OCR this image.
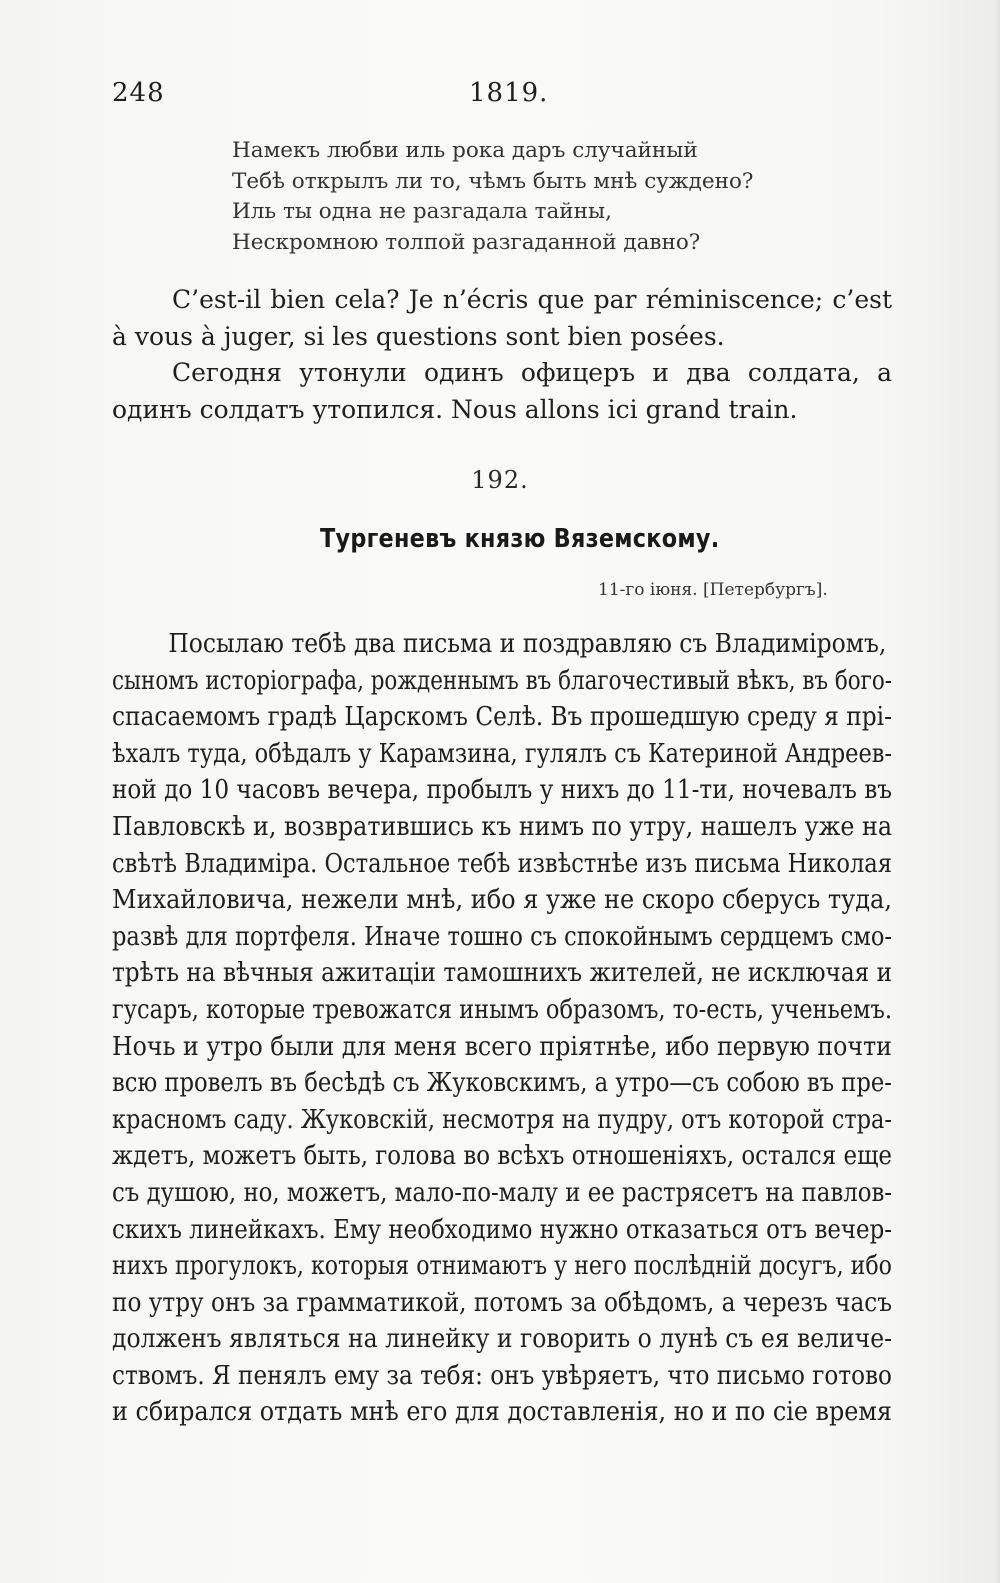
248	1819.
Намекъ любви иль рока даръ случайный
Тебѣ открылъ ли то, чѣмъ быть мнѣ суждено?
Иль ты одна не разгадала тайны,
Нескромною толпой разгаданной давно?

C’est-il bien cela? Je n’écris que par réminiscence; c’est à vous à juger, si les questions sont bien posées.

Сегодня утонули одинъ офицеръ и два солдата, а одинъ солдатъ утопился. Nous allons ici grand train.

192.
Тургеневъ князю Вяземскому.
11-го іюня. [Петербургъ].
Посылаю тебѣ два письма и поздравляю съ Владиміромъ,
сыномъ исторіографа, рожденнымъ въ благочестивый вѣкъ, въ бого-
спасаемомъ градѣ Царскомъ Селѣ. Въ прошедшую среду я прі-
ѣхалъ туда, обѣдалъ у Карамзина, гулялъ съ Катериной Андреев-
ной до 10 часовъ вечера, пробылъ у нихъ до 11-ти, ночевалъ въ
Павловскѣ и, возвратившись къ нимъ по утру, нашелъ уже на
свѣтѣ Владиміра. Остальное тебѣ извѣстнѣе изъ письма Николая
Михайловича, нежели мнѣ, ибо я уже не скоро сберусь туда,
развѣ для портфеля. Иначе тошно съ спокойнымъ сердцемъ смо-
трѣть на вѣчныя ажитаціи тамошнихъ жителей, не исключая и
гусаръ, которые тревожатся инымъ образомъ, то-есть, ученьемъ.
Ночь и утро были для меня всего пріятнѣе, ибо первую почти
всю провелъ въ бесѣдѣ съ Жуковскимъ, а утро—съ собою въ пре-
красномъ саду. Жуковскій, несмотря на пудру, отъ которой стра-
ждетъ, можетъ быть, голова во всѣхъ отношеніяхъ, остался еще
съ душою, но, можетъ, мало-по-малу и ее растрясетъ на павлов-
скихъ линейкахъ. Ему необходимо нужно отказаться отъ вечер-
нихъ прогулокъ, которыя отнимаютъ у него послѣдній досугъ, ибо
по утру онъ за грамматикой, потомъ за обѣдомъ, а черезъ часъ
долженъ являться на линейку и говорить о лунѣ съ ея величе-
ствомъ. Я пенялъ ему за тебя: онъ увѣряетъ, что письмо готово
и сбирался отдать мнѣ его для доставленія, но и по сіе время
